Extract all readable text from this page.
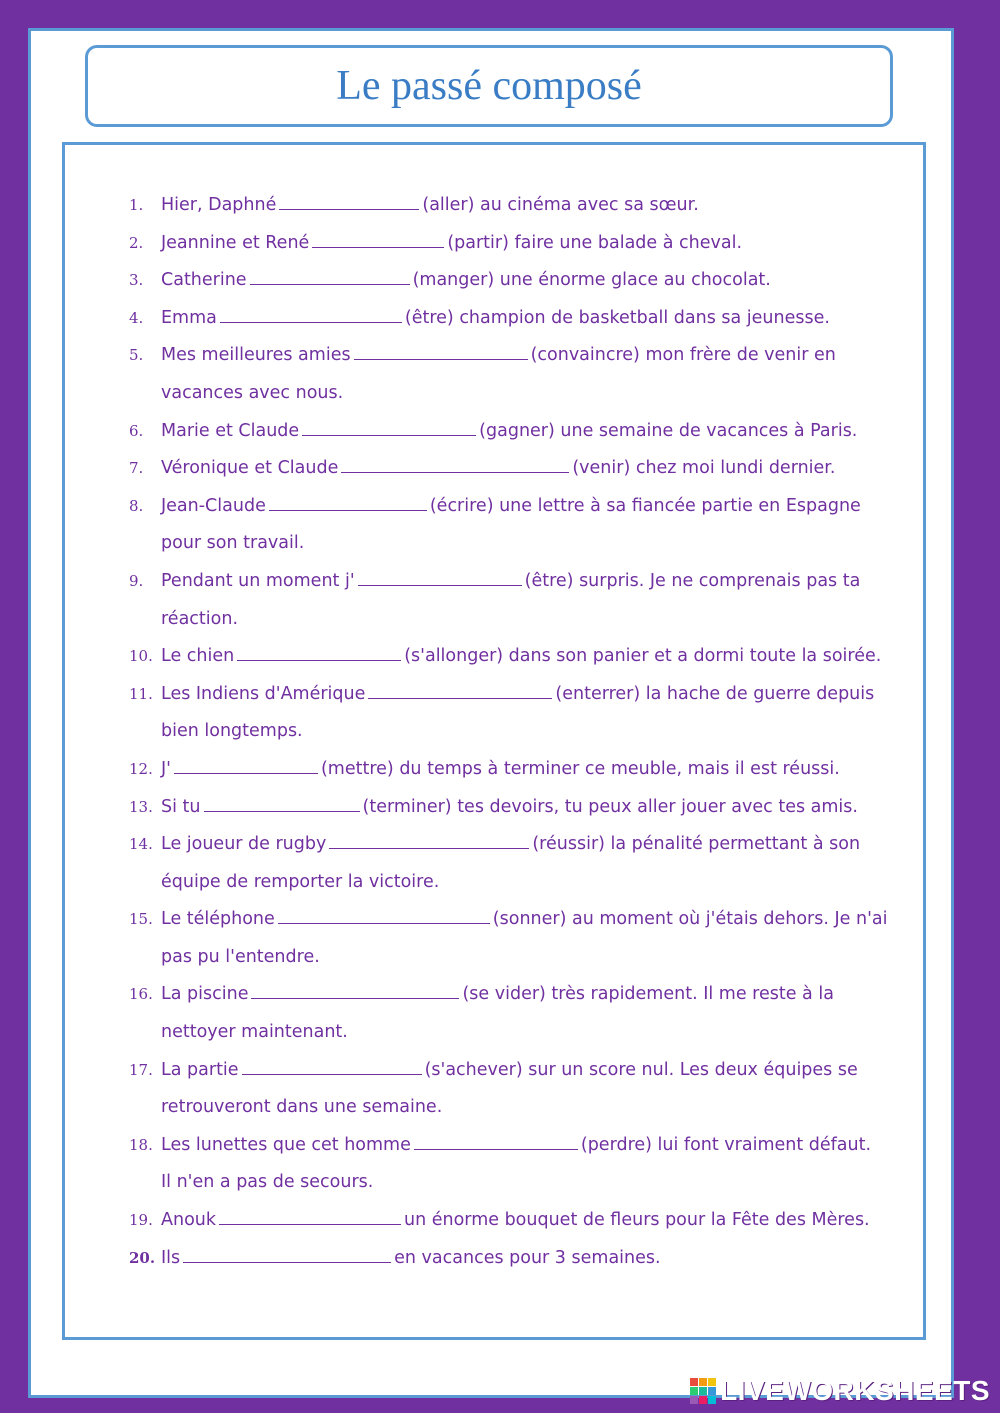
Le passé composé
1.	Hier, Daphné	(aller) au cinéma avec sa sœur.
2.	Jeannine et René	(partir) faire une balade à cheval.
3.	Catherine	(manger) une énorme glace au chocolat.
4.	Emma	(être) champion de basketball dans sa jeunesse.
5.	Mes meilleures amies	(convaincre) mon frère de venir en
vacances avec nous.
6.	Marie et Claude	(gagner) une semaine de vacances à Paris.
7.	Véronique et Claude	(venir) chez moi lundi dernier.
8.	Jean-Claude	(écrire) une lettre à sa fiancée partie en Espagne
pour son travail.
9.	Pendant un moment j'	(être) surpris. Je ne comprenais pas ta
réaction.
10. Le chien	(s'allonger) dans son panier et a dormi toute la soirée.
11. Les Indiens d'Amérique	(enterrer) la hache de guerre depuis
bien longtemps.
12. J'	(mettre) du temps à terminer ce meuble, mais il est réussi.
13. Si tu	(terminer) tes devoirs, tu peux aller jouer avec tes amis.
14. Le joueur de rugby	(réussir) la pénalité permettant à son
équipe de remporter la victoire.
15. Le téléphone	(sonner) au moment où j'étais dehors. Je n'ai
pas pu l'entendre.
16. La piscine	(se vider) très rapidement. Il me reste à la
nettoyer maintenant.
17. La partie	(s'achever) sur un score nul. Les deux équipes se
retrouveront dans une semaine.
18. Les lunettes que cet homme	(perdre) lui font vraiment défaut.
Il n'en a pas de secours.
19. Anouk	un énorme bouquet de fleurs pour la Fête des Mères.
20. Ils	en vacances pour 3 semaines.
LIVEWORKSHEETS
